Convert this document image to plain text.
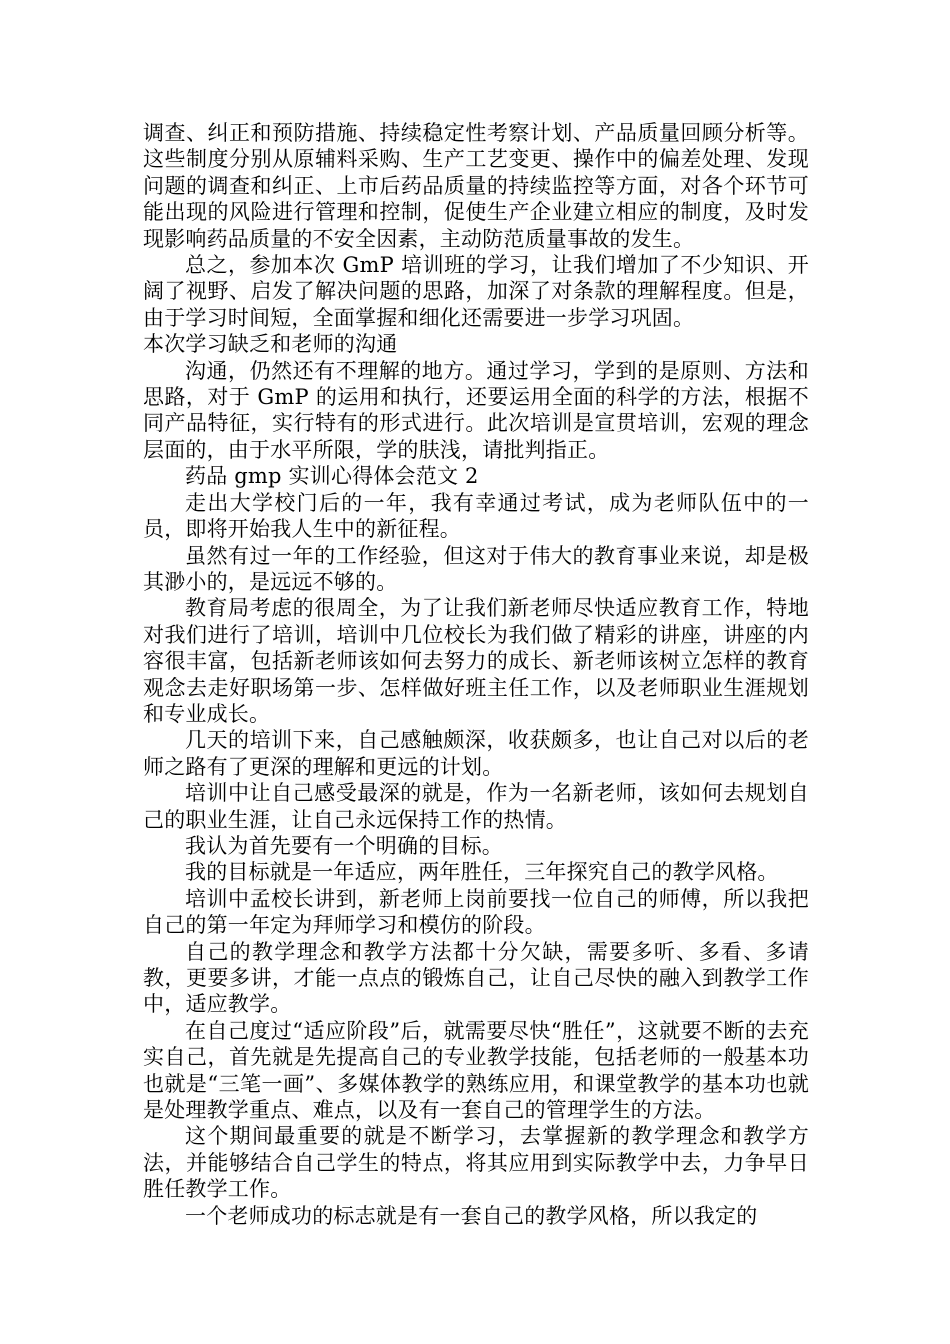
调查、纠正和预防措施、持续稳定性考察计划、产品质量回顾分析等。这些制度分别从原辅料采购、生产工艺变更、操作中的偏差处理、发现问题的调查和纠正、上市后药品质量的持续监控等方面，对各个环节可能出现的风险进行管理和控制，促使生产企业建立相应的制度，及时发现影响药品质量的不安全因素，主动防范质量事故的发生。

总之，参加本次 GmP 培训班的学习，让我们增加了不少知识、开阔了视野、启发了解决问题的思路，加深了对条款的理解程度。但是，由于学习时间短，全面掌握和细化还需要进一步学习巩固。

本次学习缺乏和老师的沟通

沟通，仍然还有不理解的地方。通过学习，学到的是原则、方法和思路，对于 GmP 的运用和执行，还要运用全面的科学的方法，根据不同产品特征，实行特有的形式进行。此次培训是宣贯培训，宏观的理念层面的，由于水平所限，学的肤浅，请批判指正。

药品 gmp 实训心得体会范文 2

走出大学校门后的一年，我有幸通过考试，成为老师队伍中的一员，即将开始我人生中的新征程。

虽然有过一年的工作经验，但这对于伟大的教育事业来说，却是极其渺小的，是远远不够的。

教育局考虑的很周全，为了让我们新老师尽快适应教育工作，特地对我们进行了培训，培训中几位校长为我们做了精彩的讲座，讲座的内容很丰富，包括新老师该如何去努力的成长、新老师该树立怎样的教育观念去走好职场第一步、怎样做好班主任工作，以及老师职业生涯规划和专业成长。

几天的培训下来，自己感触颇深，收获颇多，也让自己对以后的老师之路有了更深的理解和更远的计划。

培训中让自己感受最深的就是，作为一名新老师，该如何去规划自己的职业生涯，让自己永远保持工作的热情。

我认为首先要有一个明确的目标。

我的目标就是一年适应，两年胜任，三年探究自己的教学风格。

培训中孟校长讲到，新老师上岗前要找一位自己的师傅，所以我把自己的第一年定为拜师学习和模仿的阶段。

自己的教学理念和教学方法都十分欠缺，需要多听、多看、多请教，更要多讲，才能一点点的锻炼自己，让自己尽快的融入到教学工作中，适应教学。

在自己度过“适应阶段”后，就需要尽快“胜任”，这就要不断的去充实自己，首先就是先提高自己的专业教学技能，包括老师的一般基本功也就是“三笔一画”、多媒体教学的熟练应用，和课堂教学的基本功也就是处理教学重点、难点，以及有一套自己的管理学生的方法。

这个期间最重要的就是不断学习，去掌握新的教学理念和教学方法，并能够结合自己学生的特点，将其应用到实际教学中去，力争早日胜任教学工作。

一个老师成功的标志就是有一套自己的教学风格，所以我定的
